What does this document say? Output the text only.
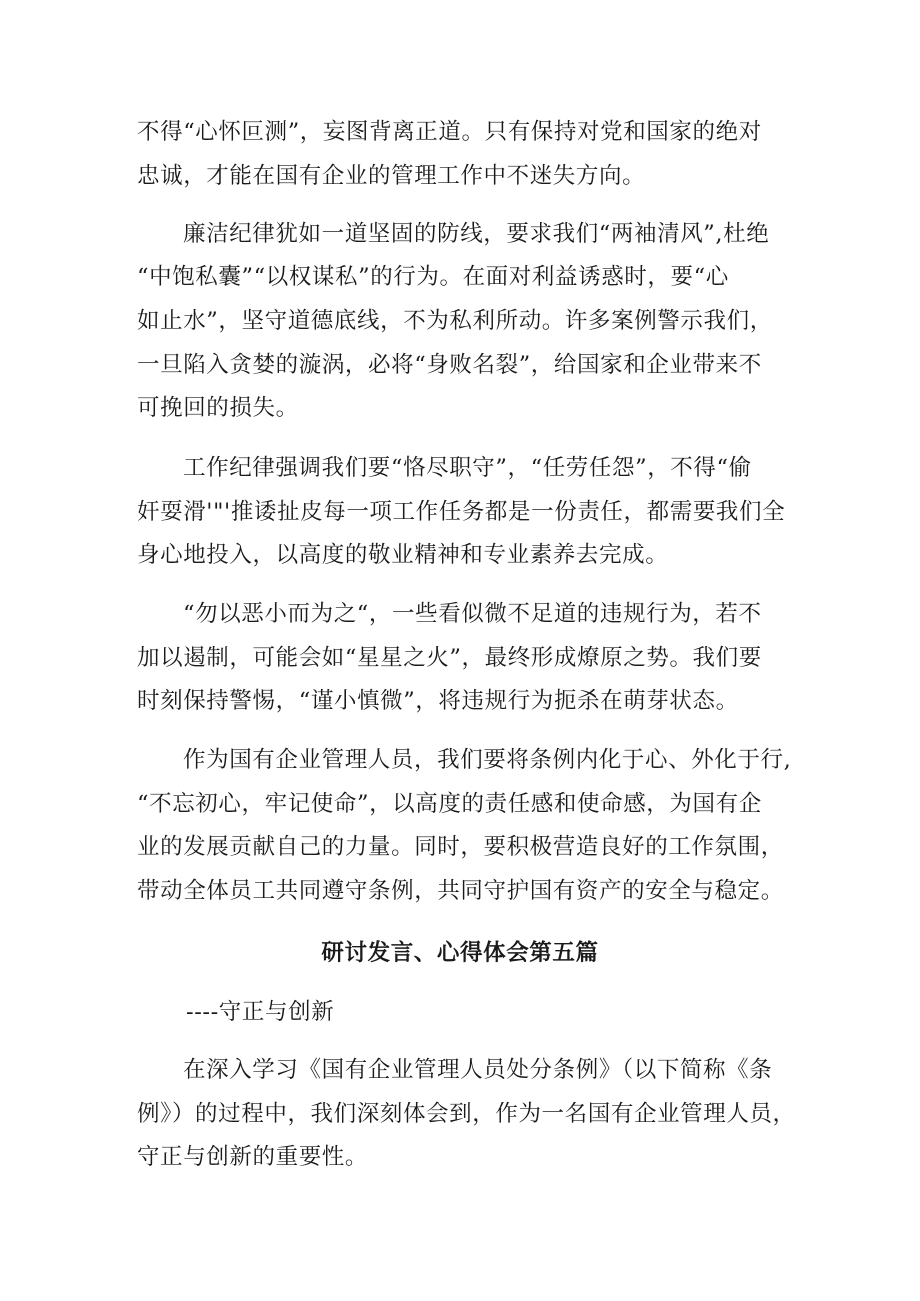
不得“心怀叵测”，妄图背离正道。只有保持对党和国家的绝对
忠诚，才能在国有企业的管理工作中不迷失方向。
廉洁纪律犹如一道坚固的防线，要求我们“两袖清风”,杜绝
“中饱私囊”“以权谋私”的行为。在面对利益诱惑时，要“心
如止水”，坚守道德底线，不为私利所动。许多案例警示我们，
一旦陷入贪婪的漩涡，必将“身败名裂”，给国家和企业带来不
可挽回的损失。
工作纪律强调我们要“恪尽职守”，“任劳任怨”，不得“偷
奸耍滑'"'推诿扯皮每一项工作任务都是一份责任，都需要我们全
身心地投入，以高度的敬业精神和专业素养去完成。
“勿以恶小而为之“，一些看似微不足道的违规行为，若不
加以遏制，可能会如“星星之火”，最终形成燎原之势。我们要
时刻保持警惕，“谨小慎微”，将违规行为扼杀在萌芽状态。
作为国有企业管理人员，我们要将条例内化于心、外化于行,
“不忘初心，牢记使命”，以高度的责任感和使命感，为国有企
业的发展贡献自己的力量。同时，要积极营造良好的工作氛围，
带动全体员工共同遵守条例，共同守护国有资产的安全与稳定。
研讨发言、心得体会第五篇
----守正与创新
在深入学习《国有企业管理人员处分条例》（以下简称《条
例》）的过程中，我们深刻体会到，作为一名国有企业管理人员，
守正与创新的重要性。
